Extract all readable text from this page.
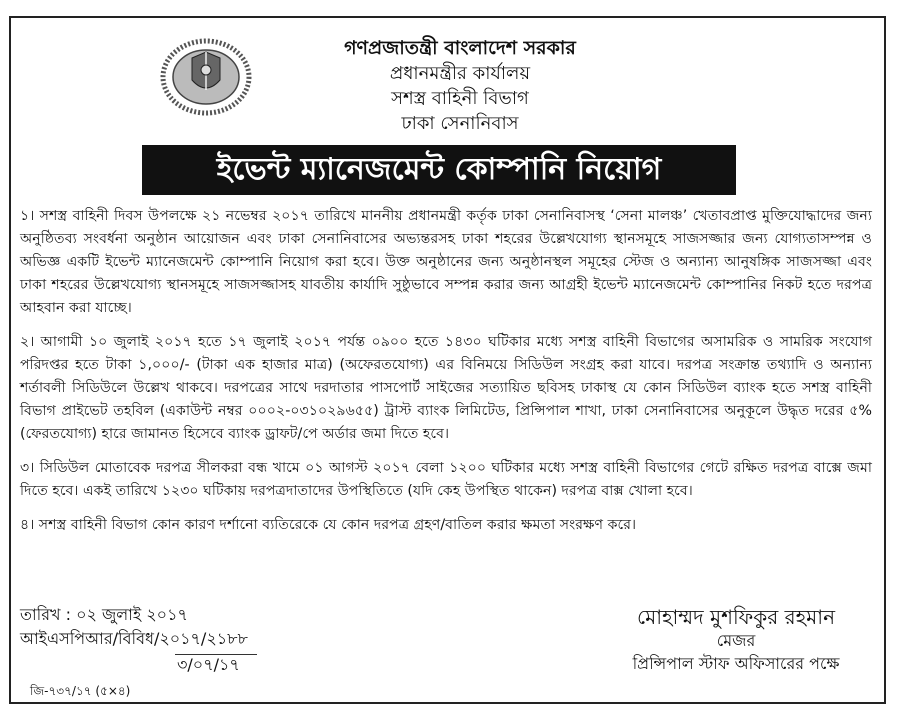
গণপ্রজাতন্ত্রী বাংলাদেশ সরকার
প্রধানমন্ত্রীর কার্যালয়
সশস্ত্র বাহিনী বিভাগ
ঢাকা সেনানিবাস
ইভেন্ট ম্যানেজমেন্ট কোম্পানি নিয়োগ

১। সশস্ত্র বাহিনী দিবস উপলক্ষে ২১ নভেম্বর ২০১৭ তারিখে মাননীয় প্রধানমন্ত্রী কর্তৃক ঢাকা সেনানিবাসস্থ ‘সেনা মালঞ্চ’ খেতাবপ্রাপ্ত মুক্তিযোদ্ধাদের জন্য অনুষ্ঠিতব্য সংবর্ধনা অনুষ্ঠান আয়োজন এবং ঢাকা সেনানিবাসের অভ্যন্তরসহ ঢাকা শহরের উল্লেখযোগ্য স্থানসমূহে সাজসজ্জার জন্য যোগ্যতাসম্পন্ন ও অভিজ্ঞ একটি ইভেন্ট ম্যানেজমেন্ট কোম্পানি নিয়োগ করা হবে। উক্ত অনুষ্ঠানের জন্য অনুষ্ঠানস্থল সমূহের স্টেজ ও অন্যান্য আনুষঙ্গিক সাজসজ্জা এবং ঢাকা শহরের উল্লেখযোগ্য স্থানসমূহে সাজসজ্জাসহ যাবতীয় কার্যাদি সুষ্ঠুভাবে সম্পন্ন করার জন্য আগ্রহী ইভেন্ট ম্যানেজমেন্ট কোম্পানির নিকট হতে দরপত্র আহবান করা যাচ্ছে।

২। আগামী ১০ জুলাই ২০১৭ হতে ১৭ জুলাই ২০১৭ পর্যন্ত ০৯০০ হতে ১৪৩০ ঘটিকার মধ্যে সশস্ত্র বাহিনী বিভাগের অসামরিক ও সামরিক সংযোগ পরিদপ্তর হতে টাকা ১,০০০/- (টাকা এক হাজার মাত্র) (অফেরতযোগ্য) এর বিনিময়ে সিডিউল সংগ্রহ করা যাবে। দরপত্র সংক্রান্ত তথ্যাদি ও অন্যান্য শর্তাবলী সিডিউলে উল্লেখ থাকবে। দরপত্রের সাথে দরদাতার পাসপোর্ট সাইজের সত্যায়িত ছবিসহ ঢাকাস্থ যে কোন সিডিউল ব্যাংক হতে সশস্ত্র বাহিনী বিভাগ প্রাইভেট তহবিল (একাউন্ট নম্বর ০০০২-০৩১০২৯৬৫৫) ট্রাস্ট ব্যাংক লিমিটেড, প্রিন্সিপাল শাখা, ঢাকা সেনানিবাসের অনুকূলে উদ্ধৃত দরের ৫% (ফেরতযোগ্য) হারে জামানত হিসেবে ব্যাংক ড্রাফট/পে অর্ডার জমা দিতে হবে।

৩। সিডিউল মোতাবেক দরপত্র সীলকরা বন্ধ খামে ০১ আগস্ট ২০১৭ বেলা ১২০০ ঘটিকার মধ্যে সশস্ত্র বাহিনী বিভাগের গেটে রক্ষিত দরপত্র বাক্সে জমা দিতে হবে। একই তারিখে ১২৩০ ঘটিকায় দরপত্রদাতাদের উপস্থিতিতে (যদি কেহ উপস্থিত থাকেন) দরপত্র বাক্স খোলা হবে।

৪। সশস্ত্র বাহিনী বিভাগ কোন কারণ দর্শানো ব্যতিরেকে যে কোন দরপত্র গ্রহণ/বাতিল করার ক্ষমতা সংরক্ষণ করে।

তারিখ : ০২ জুলাই ২০১৭
আইএসপিআর/বিবিধ/২০১৭/২১৮৮
৩/০৭/১৭
জি-৭৩৭/১৭ (৫×৪)
মোহাম্মদ মুশফিকুর রহমান
মেজর
প্রিন্সিপাল স্টাফ অফিসারের পক্ষে
